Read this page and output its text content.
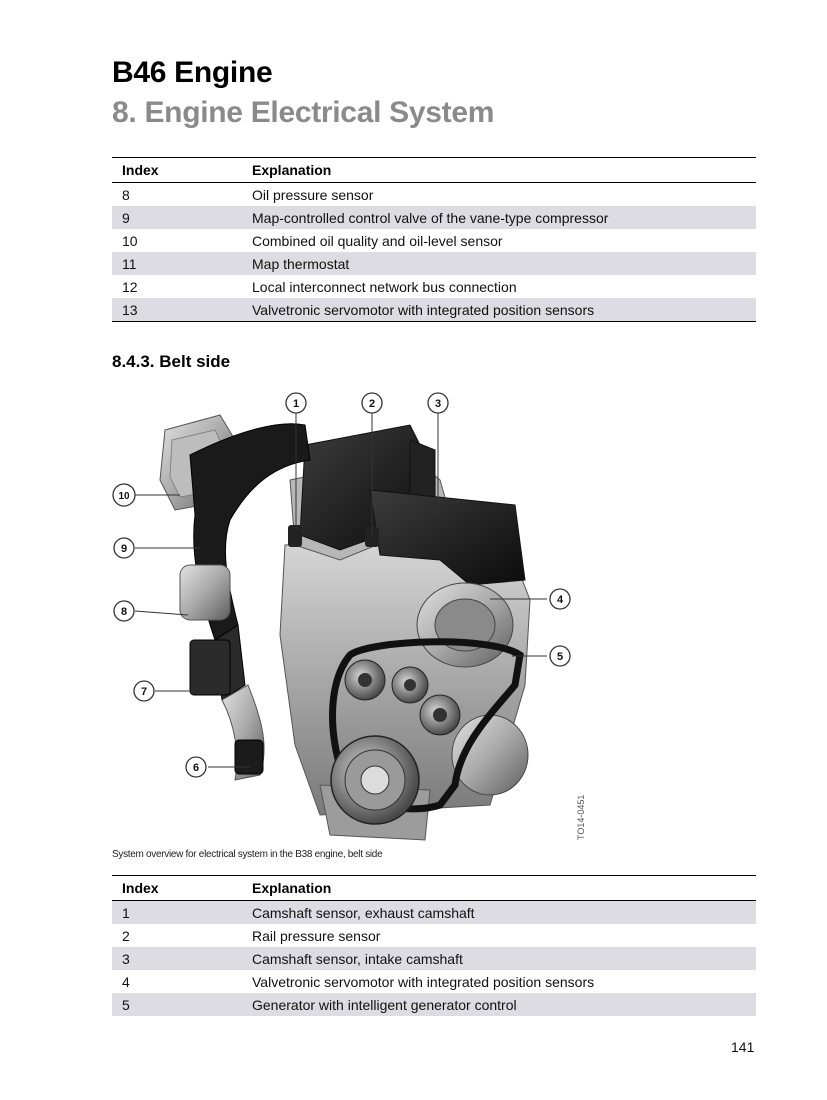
B46 Engine
8. Engine Electrical System
Index	Explanation
8	Oil pressure sensor
9	Map-controlled control valve of the vane-type compressor
10	Combined oil quality and oil-level sensor
11	Map thermostat
12	Local interconnect network bus connection
13	Valvetronic servomotor with integrated position sensors
8.4.3. Belt side
1	2	3
4
5
6
7
8
9
10
TO14-0451

System overview for electrical system in the B38 engine, belt side

Index	Explanation
1	Camshaft sensor, exhaust camshaft
2	Rail pressure sensor
3	Camshaft sensor, intake camshaft
4	Valvetronic servomotor with integrated position sensors
5	Generator with intelligent generator control
141
